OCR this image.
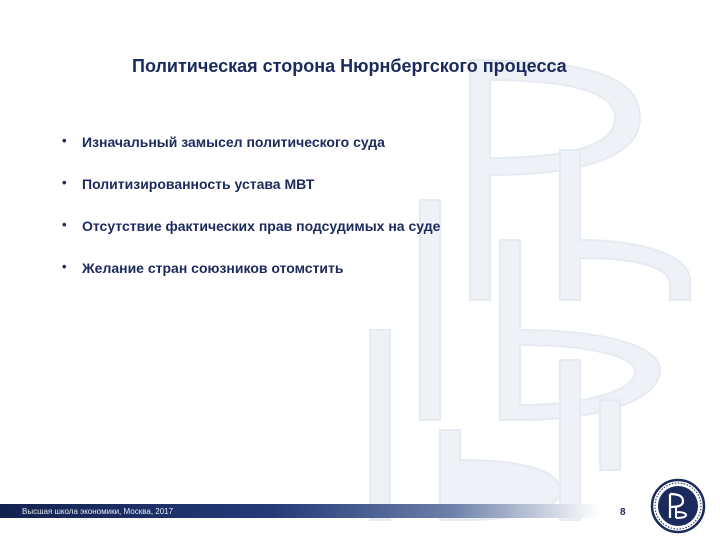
Политическая сторона Нюрнбергского процесса
• Изначальный замысел политического суда
• Политизированность устава МВТ
• Отсутствие фактических прав подсудимых на суде
• Желание стран союзников отомстить
Высшая школа экономики, Москва, 2017	8
